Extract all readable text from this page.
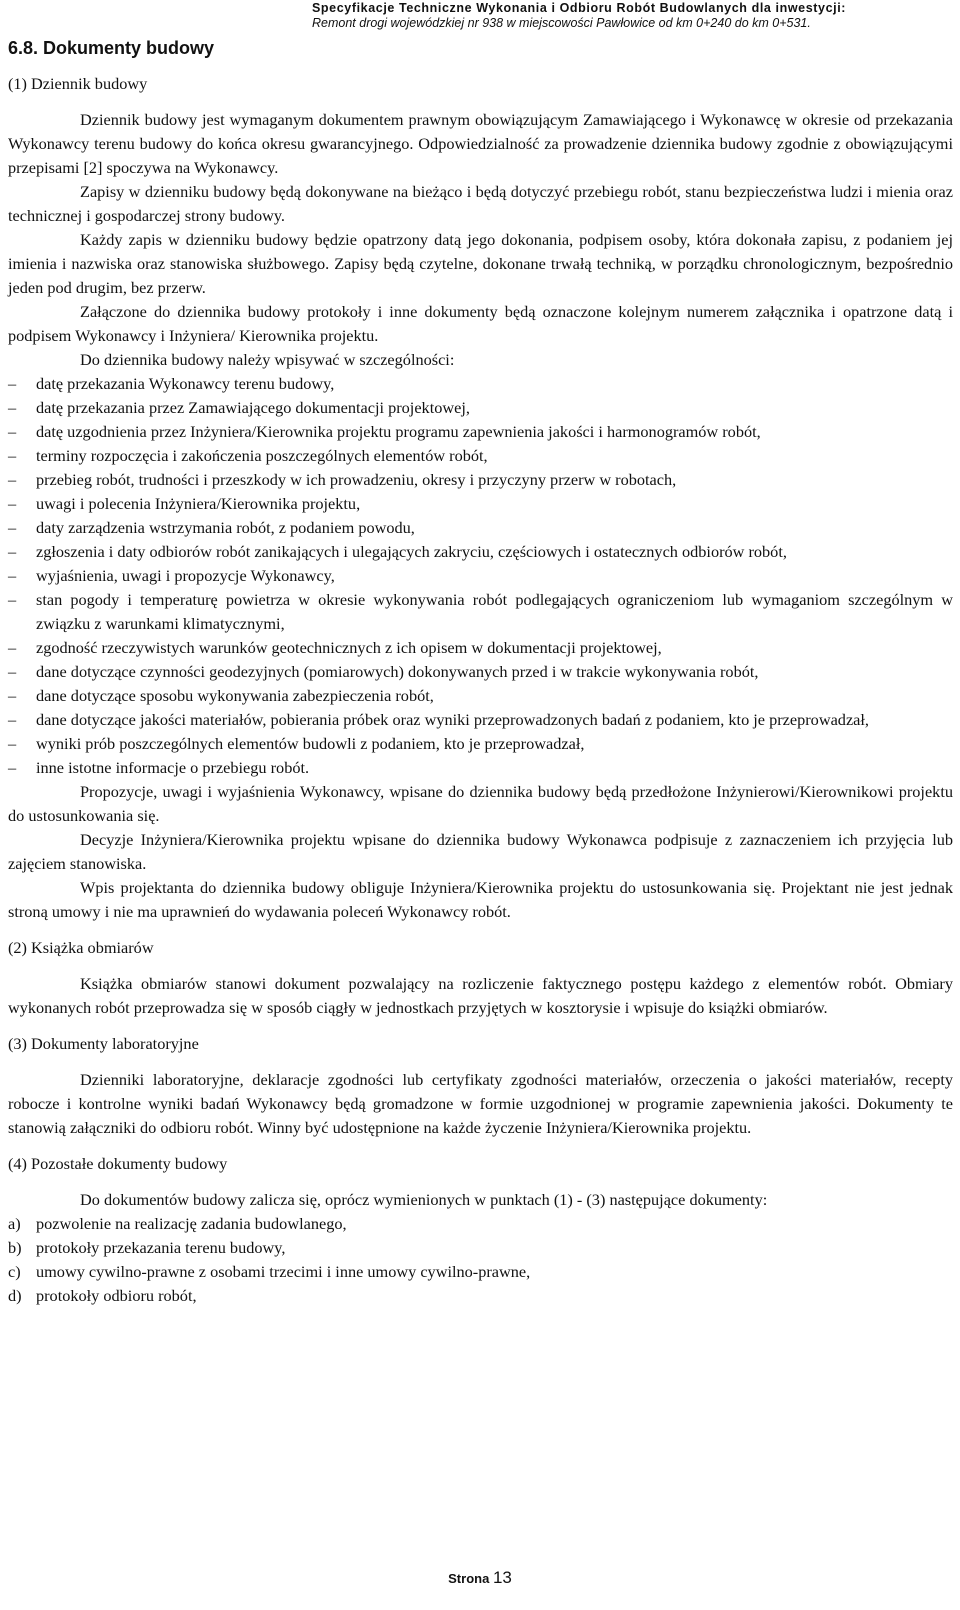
Specyfikacje Techniczne Wykonania i Odbioru Robót Budowlanych dla inwestycji:
Remont drogi wojewódzkiej nr 938 w miejscowości Pawłowice od km 0+240 do km 0+531.
6.8. Dokumenty budowy
(1) Dziennik budowy

Dziennik budowy jest wymaganym dokumentem prawnym obowiązującym Zamawiającego i Wykonawcę w okresie od przekazania Wykonawcy terenu budowy do końca okresu gwarancyjnego. Odpowiedzialność za prowadzenie dziennika budowy zgodnie z obowiązującymi przepisami [2] spoczywa na Wykonawcy.

Zapisy w dzienniku budowy będą dokonywane na bieżąco i będą dotyczyć przebiegu robót, stanu bezpieczeństwa ludzi i mienia oraz technicznej i gospodarczej strony budowy.

Każdy zapis w dzienniku budowy będzie opatrzony datą jego dokonania, podpisem osoby, która dokonała zapisu, z podaniem jej imienia i nazwiska oraz stanowiska służbowego. Zapisy będą czytelne, dokonane trwałą techniką, w porządku chronologicznym, bezpośrednio jeden pod drugim, bez przerw.

Załączone do dziennika budowy protokoły i inne dokumenty będą oznaczone kolejnym numerem załącznika i opatrzone datą i podpisem Wykonawcy i Inżyniera/ Kierownika projektu.

Do dziennika budowy należy wpisywać w szczególności:

– datę przekazania Wykonawcy terenu budowy,
– datę przekazania przez Zamawiającego dokumentacji projektowej,
– datę uzgodnienia przez Inżyniera/Kierownika projektu programu zapewnienia jakości i harmonogramów robót,
– terminy rozpoczęcia i zakończenia poszczególnych elementów robót,
– przebieg robót, trudności i przeszkody w ich prowadzeniu, okresy i przyczyny przerw w robotach,
– uwagi i polecenia Inżyniera/Kierownika projektu,
– daty zarządzenia wstrzymania robót, z podaniem powodu,
– zgłoszenia i daty odbiorów robót zanikających i ulegających zakryciu, częściowych i ostatecznych odbiorów robót,
– wyjaśnienia, uwagi i propozycje Wykonawcy,
– stan pogody i temperaturę powietrza w okresie wykonywania robót podlegających ograniczeniom lub wymaganiom szczególnym w związku z warunkami klimatycznymi,
– zgodność rzeczywistych warunków geotechnicznych z ich opisem w dokumentacji projektowej,
– dane dotyczące czynności geodezyjnych (pomiarowych) dokonywanych przed i w trakcie wykonywania robót,
– dane dotyczące sposobu wykonywania zabezpieczenia robót,
– dane dotyczące jakości materiałów, pobierania próbek oraz wyniki przeprowadzonych badań z podaniem, kto je przeprowadzał,
– wyniki prób poszczególnych elementów budowli z podaniem, kto je przeprowadzał,
– inne istotne informacje o przebiegu robót.

Propozycje, uwagi i wyjaśnienia Wykonawcy, wpisane do dziennika budowy będą przedłożone Inżynierowi/Kierownikowi projektu do ustosunkowania się.

Decyzje Inżyniera/Kierownika projektu wpisane do dziennika budowy Wykonawca podpisuje z zaznaczeniem ich przyjęcia lub zajęciem stanowiska.

Wpis projektanta do dziennika budowy obliguje Inżyniera/Kierownika projektu do ustosunkowania się. Projektant nie jest jednak stroną umowy i nie ma uprawnień do wydawania poleceń Wykonawcy robót.

(2) Książka obmiarów

Książka obmiarów stanowi dokument pozwalający na rozliczenie faktycznego postępu każdego z elementów robót. Obmiary wykonanych robót przeprowadza się w sposób ciągły w jednostkach przyjętych w kosztorysie i wpisuje do książki obmiarów.

(3) Dokumenty laboratoryjne

Dzienniki laboratoryjne, deklaracje zgodności lub certyfikaty zgodności materiałów, orzeczenia o jakości materiałów, recepty robocze i kontrolne wyniki badań Wykonawcy będą gromadzone w formie uzgodnionej w programie zapewnienia jakości. Dokumenty te stanowią załączniki do odbioru robót. Winny być udostępnione na każde życzenie Inżyniera/Kierownika projektu.

(4) Pozostałe dokumenty budowy

Do dokumentów budowy zalicza się, oprócz wymienionych w punktach (1) - (3) następujące dokumenty:

a) pozwolenie na realizację zadania budowlanego,
b) protokoły przekazania terenu budowy,
c) umowy cywilno-prawne z osobami trzecimi i inne umowy cywilno-prawne,
d) protokoły odbioru robót,
Strona 13
